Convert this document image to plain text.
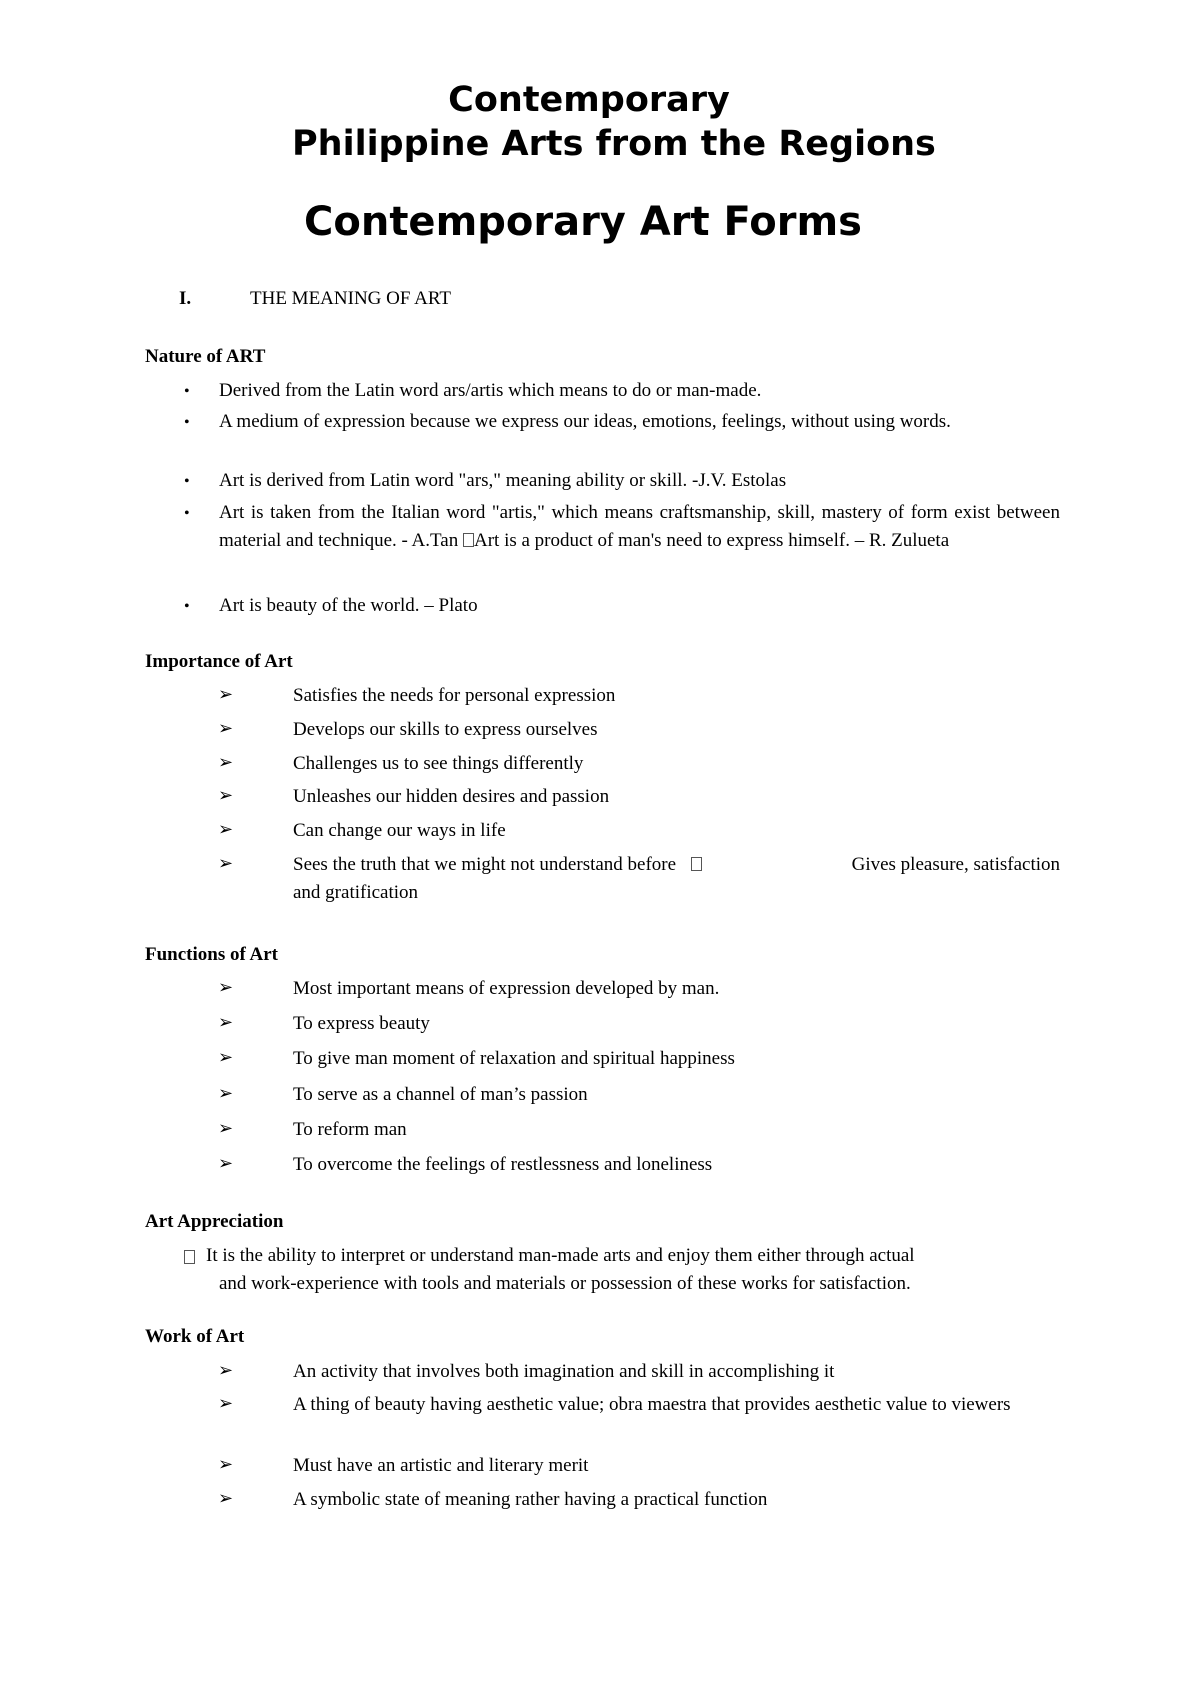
Contemporary
Philippine Arts from the Regions
Contemporary Art Forms
I.	THE MEANING OF ART
Nature of ART
• Derived from the Latin word ars/artis which means to do or man-made.
• A medium of expression because we express our ideas, emotions, feelings, without using words.
• Art is derived from Latin word "ars," meaning ability or skill. -J.V. Estolas
• Art is taken from the Italian word "artis," which means craftsmanship, skill, mastery of form exist between material and technique. - A.Tan Art is a product of man's need to express himself. – R. Zulueta
• Art is beauty of the world. – Plato
Importance of Art
➢	Satisfies the needs for personal expression
➢	Develops our skills to express ourselves
➢	Challenges us to see things differently
➢	Unleashes our hidden desires and passion
➢	Can change our ways in life
➢	Sees the truth that we might not understand before	Gives pleasure, satisfaction
and gratification
Functions of Art
➢	Most important means of expression developed by man.
➢	To express beauty
➢	To give man moment of relaxation and spiritual happiness
➢	To serve as a channel of man’s passion
➢	To reform man
➢	To overcome the feelings of restlessness and loneliness
Art Appreciation
It is the ability to interpret or understand man-made arts and enjoy them either through actual
and work-experience with tools and materials or possession of these works for satisfaction.
Work of Art
➢	An activity that involves both imagination and skill in accomplishing it
➢	A thing of beauty having aesthetic value; obra maestra that provides aesthetic value to viewers
➢	Must have an artistic and literary merit
➢	A symbolic state of meaning rather having a practical function
